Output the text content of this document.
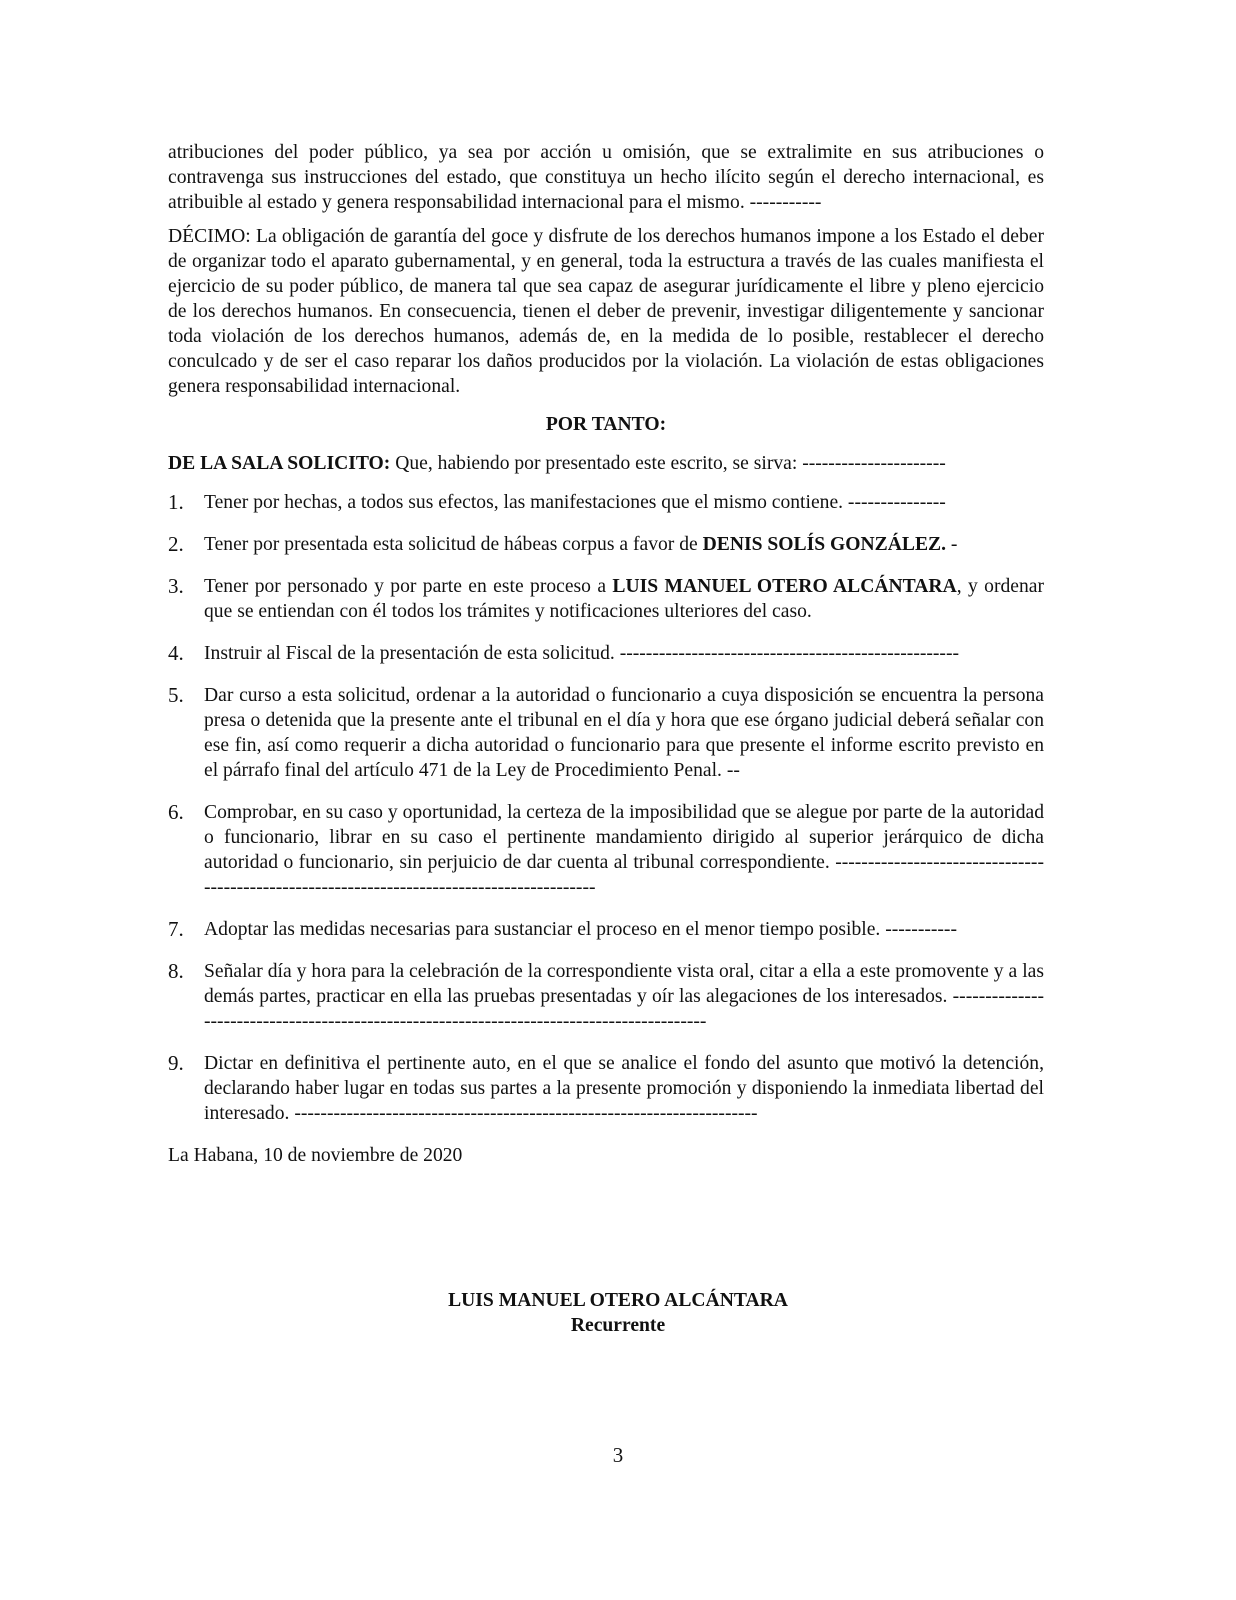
atribuciones del poder público, ya sea por acción u omisión, que se extralimite en sus atribuciones o contravenga sus instrucciones del estado, que constituya un hecho ilícito según el derecho internacional, es atribuible al estado y genera responsabilidad internacional para el mismo. -----------

DÉCIMO: La obligación de garantía del goce y disfrute de los derechos humanos impone a los Estado el deber de organizar todo el aparato gubernamental, y en general, toda la estructura a través de las cuales manifiesta el ejercicio de su poder público, de manera tal que sea capaz de asegurar jurídicamente el libre y pleno ejercicio de los derechos humanos. En consecuencia, tienen el deber de prevenir, investigar diligentemente y sancionar toda violación de los derechos humanos, además de, en la medida de lo posible, restablecer el derecho conculcado y de ser el caso reparar los daños producidos por la violación. La violación de estas obligaciones genera responsabilidad internacional.

POR TANTO:

DE LA SALA SOLICITO: Que, habiendo por presentado este escrito, se sirva: ----------------------

1. Tener por hechas, a todos sus efectos, las manifestaciones que el mismo contiene. ---------------
2. Tener por presentada esta solicitud de hábeas corpus a favor de DENIS SOLÍS GONZÁLEZ. -
3. Tener por personado y por parte en este proceso a LUIS MANUEL OTERO ALCÁNTARA, y ordenar que se entiendan con él todos los trámites y notificaciones ulteriores del caso.
4. Instruir al Fiscal de la presentación de esta solicitud. ----------------------------------------------------
5. Dar curso a esta solicitud, ordenar a la autoridad o funcionario a cuya disposición se encuentra la persona presa o detenida que la presente ante el tribunal en el día y hora que ese órgano judicial deberá señalar con ese fin, así como requerir a dicha autoridad o funcionario para que presente el informe escrito previsto en el párrafo final del artículo 471 de la Ley de Procedimiento Penal. --
6. Comprobar, en su caso y oportunidad, la certeza de la imposibilidad que se alegue por parte de la autoridad o funcionario, librar en su caso el pertinente mandamiento dirigido al superior jerárquico de dicha autoridad o funcionario, sin perjuicio de dar cuenta al tribunal correspondiente. --------------------------------------------------------------------------------------------
7. Adoptar las medidas necesarias para sustanciar el proceso en el menor tiempo posible. -----------
8. Señalar día y hora para la celebración de la correspondiente vista oral, citar a ella a este promovente y a las demás partes, practicar en ella las pruebas presentadas y oír las alegaciones de los interesados. -------------------------------------------------------------------------------------------
9. Dictar en definitiva el pertinente auto, en el que se analice el fondo del asunto que motivó la detención, declarando haber lugar en todas sus partes a la presente promoción y disponiendo la inmediata libertad del interesado. -----------------------------------------------------------------------

La Habana, 10 de noviembre de 2020

LUIS MANUEL OTERO ALCÁNTARA
Recurrente
3
